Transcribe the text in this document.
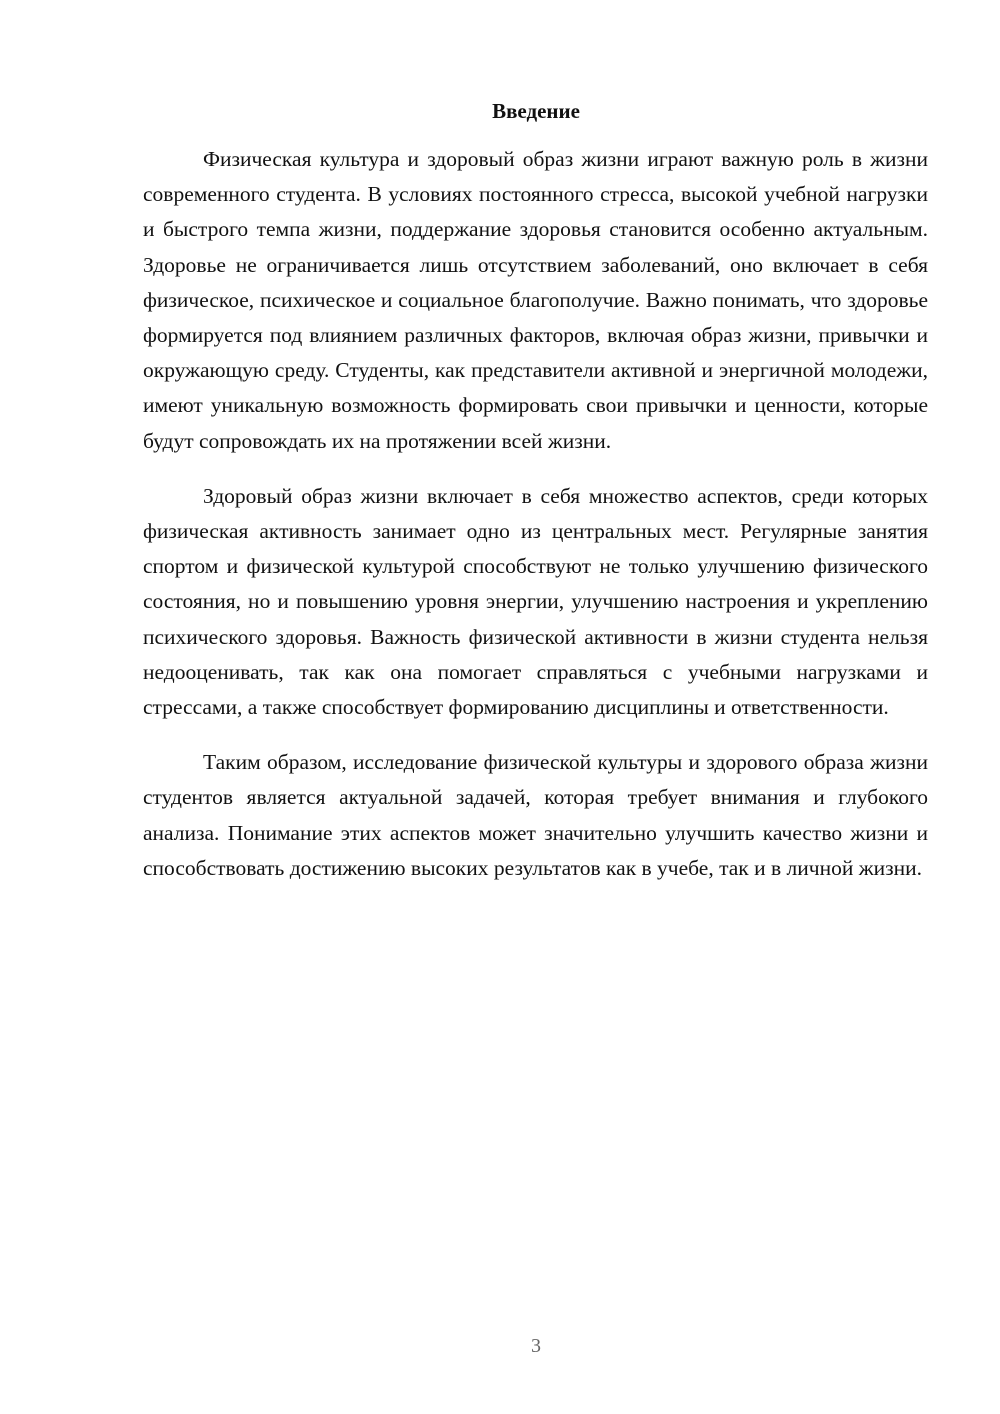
Введение

Физическая культура и здоровый образ жизни играют важную роль в жизни современного студента. В условиях постоянного стресса, высокой учебной нагрузки и быстрого темпа жизни, поддержание здоровья становится особенно актуальным. Здоровье не ограничивается лишь отсутствием заболеваний, оно включает в себя физическое, психическое и социальное благополучие. Важно понимать, что здоровье формируется под влиянием различных факторов, включая образ жизни, привычки и окружающую среду. Студенты, как представители активной и энергичной молодежи, имеют уникальную возможность формировать свои привычки и ценности, которые будут сопровождать их на протяжении всей жизни.

Здоровый образ жизни включает в себя множество аспектов, среди которых физическая активность занимает одно из центральных мест. Регулярные занятия спортом и физической культурой способствуют не только улучшению физического состояния, но и повышению уровня энергии, улучшению настроения и укреплению психического здоровья. Важность физической активности в жизни студента нельзя недооценивать, так как она помогает справляться с учебными нагрузками и стрессами, а также способствует формированию дисциплины и ответственности.

Таким образом, исследование физической культуры и здорового образа жизни студентов является актуальной задачей, которая требует внимания и глубокого анализа. Понимание этих аспектов может значительно улучшить качество жизни и способствовать достижению высоких результатов как в учебе, так и в личной жизни.

3
